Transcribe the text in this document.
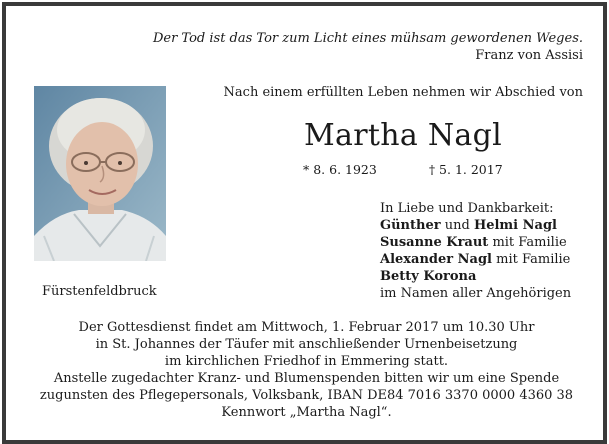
Der Tod ist das Tor zum Licht eines mühsam gewordenen Weges.
Franz von Assisi
Nach einem erfüllten Leben nehmen wir Abschied von
Martha Nagl
* 8. 6. 1923	† 5. 1. 2017
In Liebe und Dankbarkeit:
Günther und Helmi Nagl
Susanne Kraut mit Familie
Alexander Nagl mit Familie
Betty Korona
im Namen aller Angehörigen
Fürstenfeldbruck
Der Gottesdienst findet am Mittwoch, 1. Februar 2017 um 10.30 Uhr
in St. Johannes der Täufer mit anschließender Urnenbeisetzung
im kirchlichen Friedhof in Emmering statt.
Anstelle zugedachter Kranz- und Blumenspenden bitten wir um eine Spende
zugunsten des Pflegepersonals, Volksbank, IBAN DE84 7016 3370 0000 4360 38
Kennwort „Martha Nagl“.
